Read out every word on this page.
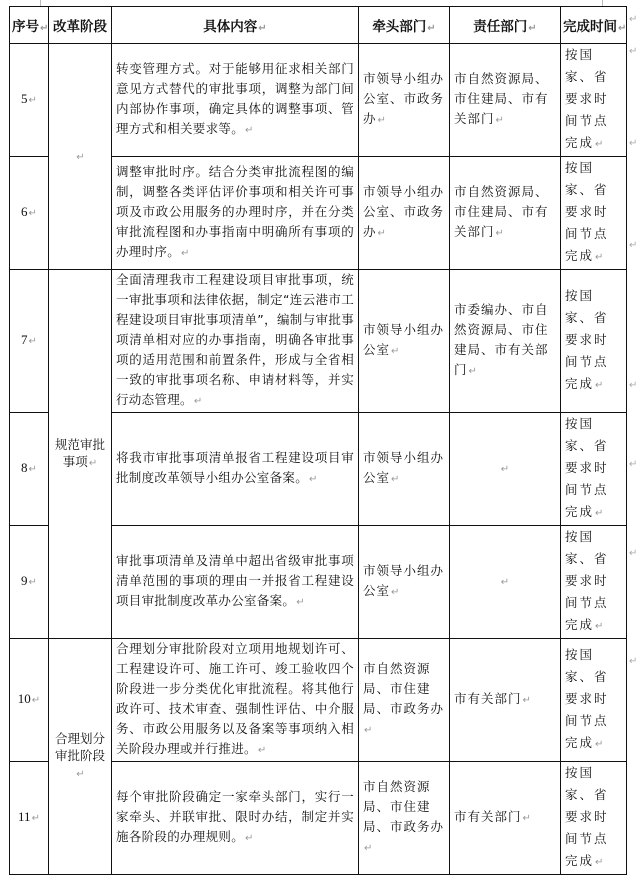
序号↵	改革阶段	具体内容↵	牵头部门↵	责任部门↵	完成时间↵
5↵	↵	转变管理方式。对于能够用征求相关部门意见方式替代的审批事项，调整为部门间内部协作事项，确定具体的调整事项、管理方式和相关要求等。↵	市领导小组办公室、市政务办↵	市自然资源局、市住建局、市有关部门↵	按国家、省要求时间节点完成↵
6↵		调整审批时序。结合分类审批流程图的编制，调整各类评估评价事项和相关许可事项及市政公用服务的办理时序，并在分类审批流程图和办事指南中明确所有事项的办理时序。↵	市领导小组办公室、市政务办↵	市自然资源局、市住建局、市有关部门↵	按国家、省要求时间节点完成↵
7↵	规范审批事项↵	全面清理我市工程建设项目审批事项，统一审批事项和法律依据，制定“连云港市工程建设项目审批事项清单”，编制与审批事项清单相对应的办事指南，明确各审批事项的适用范围和前置条件，形成与全省相一致的审批事项名称、申请材料等，并实行动态管理。↵	市领导小组办公室↵	市委编办、市自然资源局、市住建局、市有关部门↵	按国家、省要求时间节点完成↵
8↵		将我市审批事项清单报省工程建设项目审批制度改革领导小组办公室备案。↵	市领导小组办公室↵	↵	按国家、省要求时间节点完成↵
9↵		审批事项清单及清单中超出省级审批事项清单范围的事项的理由一并报省工程建设项目审批制度改革办公室备案。↵	市领导小组办公室↵	↵	按国家、省要求时间节点完成↵
10↵	合理划分审批阶段↵	合理划分审批阶段对立项用地规划许可、工程建设许可、施工许可、竣工验收四个阶段进一步分类优化审批流程。将其他行政许可、技术审查、强制性评估、中介服务、市政公用服务以及备案等事项纳入相关阶段办理或并行推进。↵	市自然资源局、市住建局、市政务办↵	市有关部门↵	按国家、省要求时间节点完成↵
11↵		每个审批阶段确定一家牵头部门，实行一家牵头、并联审批、限时办结，制定并实施各阶段的办理规则。↵	市自然资源局、市住建局、市政务办↵	市有关部门↵	按国家、省要求时间节点完成↵
↵
↵
↵
↵
↵
↵
↵
↵
